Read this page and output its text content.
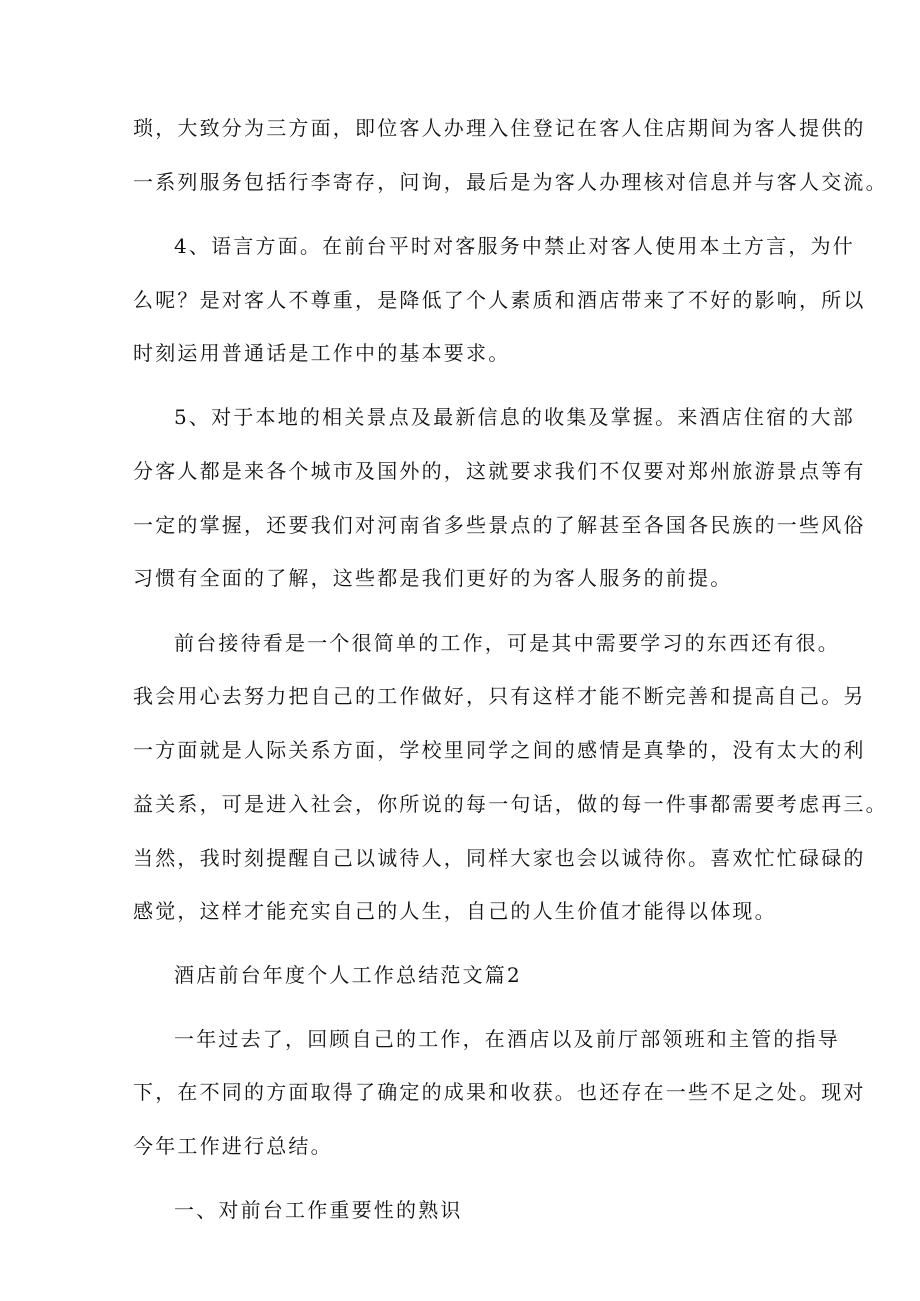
琐，大致分为三方面，即位客人办理入住登记在客人住店期间为客人提供的
一系列服务包括行李寄存，问询，最后是为客人办理核对信息并与客人交流。
4、语言方面。在前台平时对客服务中禁止对客人使用本土方言，为什
么呢？是对客人不尊重，是降低了个人素质和酒店带来了不好的影响，所以
时刻运用普通话是工作中的基本要求。
5、对于本地的相关景点及最新信息的收集及掌握。来酒店住宿的大部
分客人都是来各个城市及国外的，这就要求我们不仅要对郑州旅游景点等有
一定的掌握，还要我们对河南省多些景点的了解甚至各国各民族的一些风俗
习惯有全面的了解，这些都是我们更好的为客人服务的前提。
前台接待看是一个很简单的工作，可是其中需要学习的东西还有很。
我会用心去努力把自己的工作做好，只有这样才能不断完善和提高自己。另
一方面就是人际关系方面，学校里同学之间的感情是真挚的，没有太大的利
益关系，可是进入社会，你所说的每一句话，做的每一件事都需要考虑再三。
当然，我时刻提醒自己以诚待人，同样大家也会以诚待你。喜欢忙忙碌碌的
感觉，这样才能充实自己的人生，自己的人生价值才能得以体现。
酒店前台年度个人工作总结范文篇2
一年过去了，回顾自己的工作，在酒店以及前厅部领班和主管的指导
下，在不同的方面取得了确定的成果和收获。也还存在一些不足之处。现对
今年工作进行总结。
一、对前台工作重要性的熟识
